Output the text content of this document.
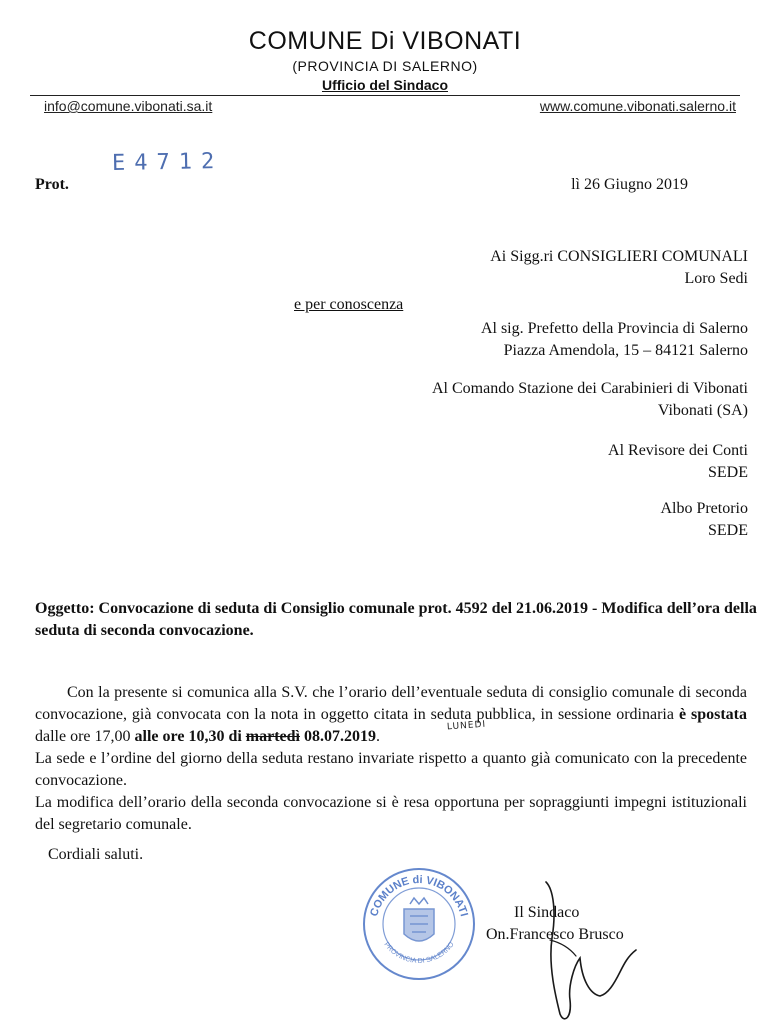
COMUNE Di VIBONATI
(PROVINCIA DI SALERNO)
Ufficio del Sindaco
info@comune.vibonati.sa.it	www.comune.vibonati.salerno.it
E4712
Prot.	lì 26 Giugno 2019
Ai Sigg.ri CONSIGLIERI COMUNALI
Loro Sedi
e per conoscenza
Al sig. Prefetto della Provincia di Salerno
Piazza Amendola, 15 – 84121 Salerno
Al Comando Stazione dei Carabinieri di Vibonati
Vibonati (SA)
Al Revisore dei Conti
SEDE
Albo Pretorio
SEDE
Oggetto: Convocazione di seduta di Consiglio comunale prot. 4592 del 21.06.2019 - Modifica dell’ora della seduta di seconda convocazione.

Con la presente si comunica alla S.V. che l’orario dell’eventuale seduta di consiglio comunale di seconda convocazione, già convocata con la nota in oggetto citata in seduta pubblica, in sessione ordinaria è spostata dalle ore 17,00 alle ore 10,30 di martedì 08.07.2019.

La sede e l’ordine del giorno della seduta restano invariate rispetto a quanto già comunicato con la precedente convocazione.

La modifica dell’orario della seconda convocazione si è resa opportuna per sopraggiunti impegni istituzionali del segretario comunale.

LUNEDI
Cordiali saluti.
COMUNE di VIBONATI
PROVINCIA DI SALERNO
Il Sindaco
On.Francesco Brusco
